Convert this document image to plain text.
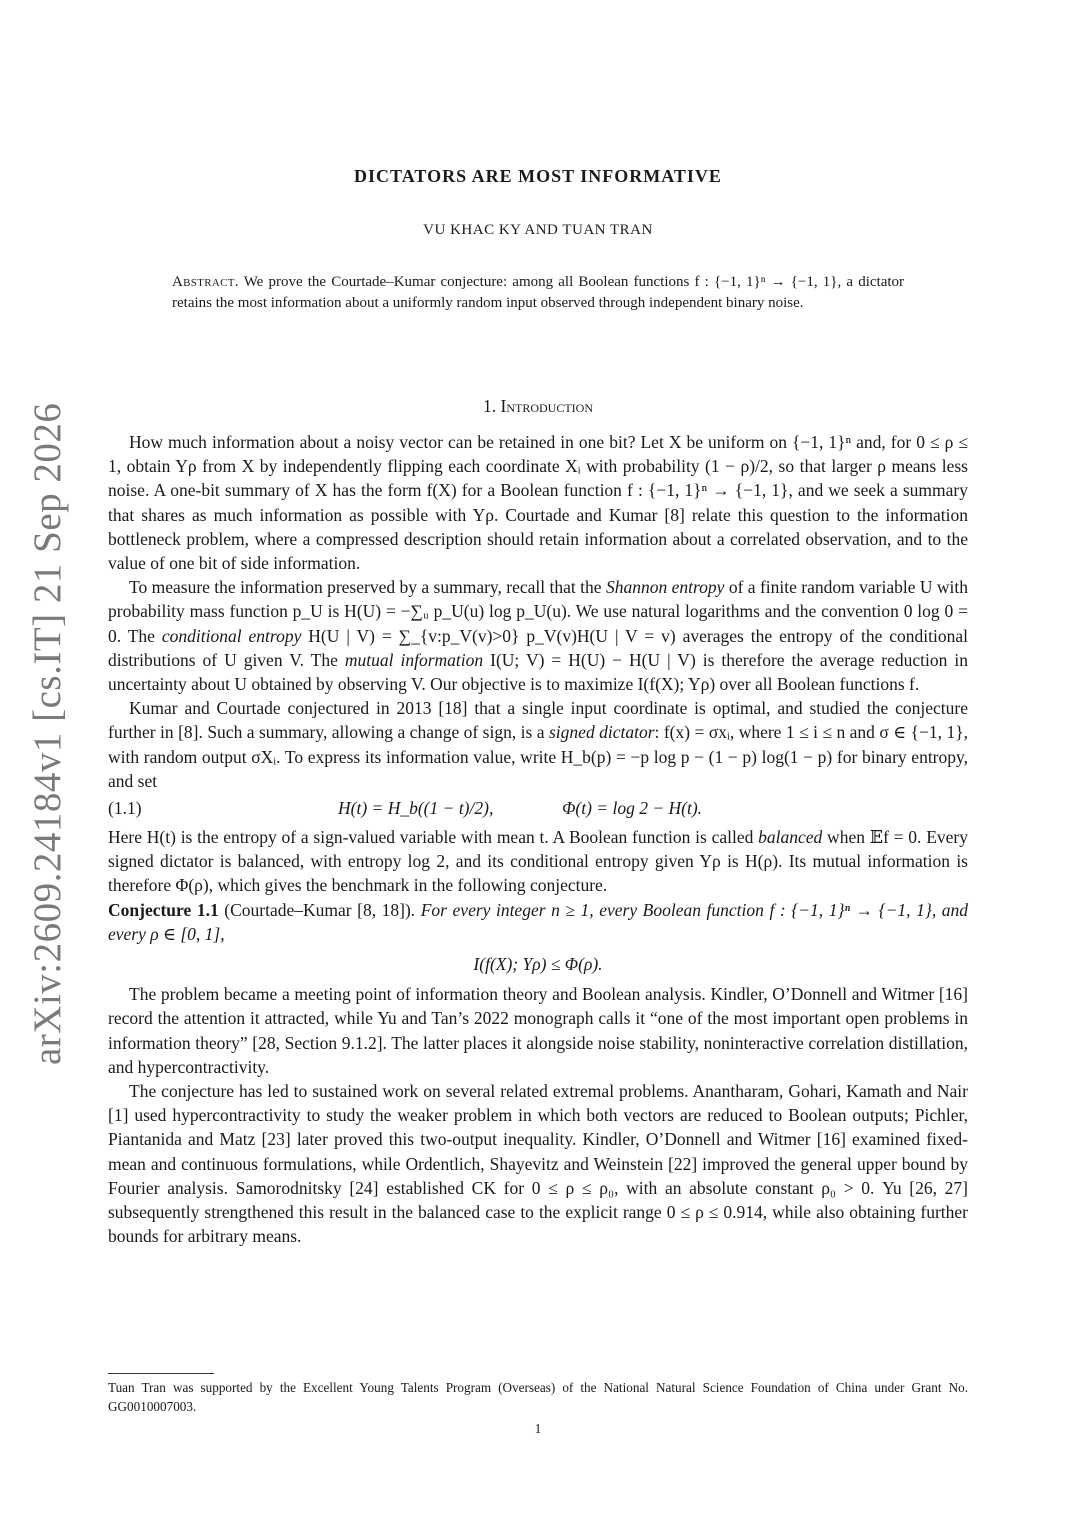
arXiv:2609.24184v1 [cs.IT] 21 Sep 2026
DICTATORS ARE MOST INFORMATIVE
VU KHAC KY AND TUAN TRAN
Abstract. We prove the Courtade–Kumar conjecture: among all Boolean functions f : {−1, 1}ⁿ → {−1, 1}, a dictator retains the most information about a uniformly random input observed through independent binary noise.
1. Introduction

How much information about a noisy vector can be retained in one bit? Let X be uniform on {−1, 1}ⁿ and, for 0 ≤ ρ ≤ 1, obtain Yρ from X by independently flipping each coordinate Xᵢ with probability (1 − ρ)/2, so that larger ρ means less noise. A one-bit summary of X has the form f(X) for a Boolean function f : {−1, 1}ⁿ → {−1, 1}, and we seek a summary that shares as much information as possible with Yρ. Courtade and Kumar [8] relate this question to the information bottleneck problem, where a compressed description should retain information about a correlated observation, and to the value of one bit of side information.

To measure the information preserved by a summary, recall that the Shannon entropy of a finite random variable U with probability mass function p_U is H(U) = −∑ᵤ p_U(u) log p_U(u). We use natural logarithms and the convention 0 log 0 = 0. The conditional entropy H(U | V) = ∑_{v:p_V(v)>0} p_V(v)H(U | V = v) averages the entropy of the conditional distributions of U given V. The mutual information I(U; V) = H(U) − H(U | V) is therefore the average reduction in uncertainty about U obtained by observing V. Our objective is to maximize I(f(X); Yρ) over all Boolean functions f.

Kumar and Courtade conjectured in 2013 [18] that a single input coordinate is optimal, and studied the conjecture further in [8]. Such a summary, allowing a change of sign, is a signed dictator: f(x) = σxᵢ, where 1 ≤ i ≤ n and σ ∈ {−1, 1}, with random output σXᵢ. To express its information value, write H_b(p) = −p log p − (1 − p) log(1 − p) for binary entropy, and set

(1.1)	H(t) = H_b((1 − t)/2),	Φ(t) = log 2 − H(t).

Here H(t) is the entropy of a sign-valued variable with mean t. A Boolean function is called balanced when 𝔼f = 0. Every signed dictator is balanced, with entropy log 2, and its conditional entropy given Yρ is H(ρ). Its mutual information is therefore Φ(ρ), which gives the benchmark in the following conjecture.

Conjecture 1.1 (Courtade–Kumar [8, 18]). For every integer n ≥ 1, every Boolean function f : {−1, 1}ⁿ → {−1, 1}, and every ρ ∈ [0, 1],

I(f(X); Yρ) ≤ Φ(ρ).

The problem became a meeting point of information theory and Boolean analysis. Kindler, O’Donnell and Witmer [16] record the attention it attracted, while Yu and Tan’s 2022 monograph calls it “one of the most important open problems in information theory” [28, Section 9.1.2]. The latter places it alongside noise stability, noninteractive correlation distillation, and hypercontractivity.

The conjecture has led to sustained work on several related extremal problems. Anantharam, Gohari, Kamath and Nair [1] used hypercontractivity to study the weaker problem in which both vectors are reduced to Boolean outputs; Pichler, Piantanida and Matz [23] later proved this two-output inequality. Kindler, O’Donnell and Witmer [16] examined fixed-mean and continuous formulations, while Ordentlich, Shayevitz and Weinstein [22] improved the general upper bound by Fourier analysis. Samorodnitsky [24] established CK for 0 ≤ ρ ≤ ρ₀, with an absolute constant ρ₀ > 0. Yu [26, 27] subsequently strengthened this result in the balanced case to the explicit range 0 ≤ ρ ≤ 0.914, while also obtaining further bounds for arbitrary means.

Tuan Tran was supported by the Excellent Young Talents Program (Overseas) of the National Natural Science Foundation of China under Grant No. GG0010007003.
1
